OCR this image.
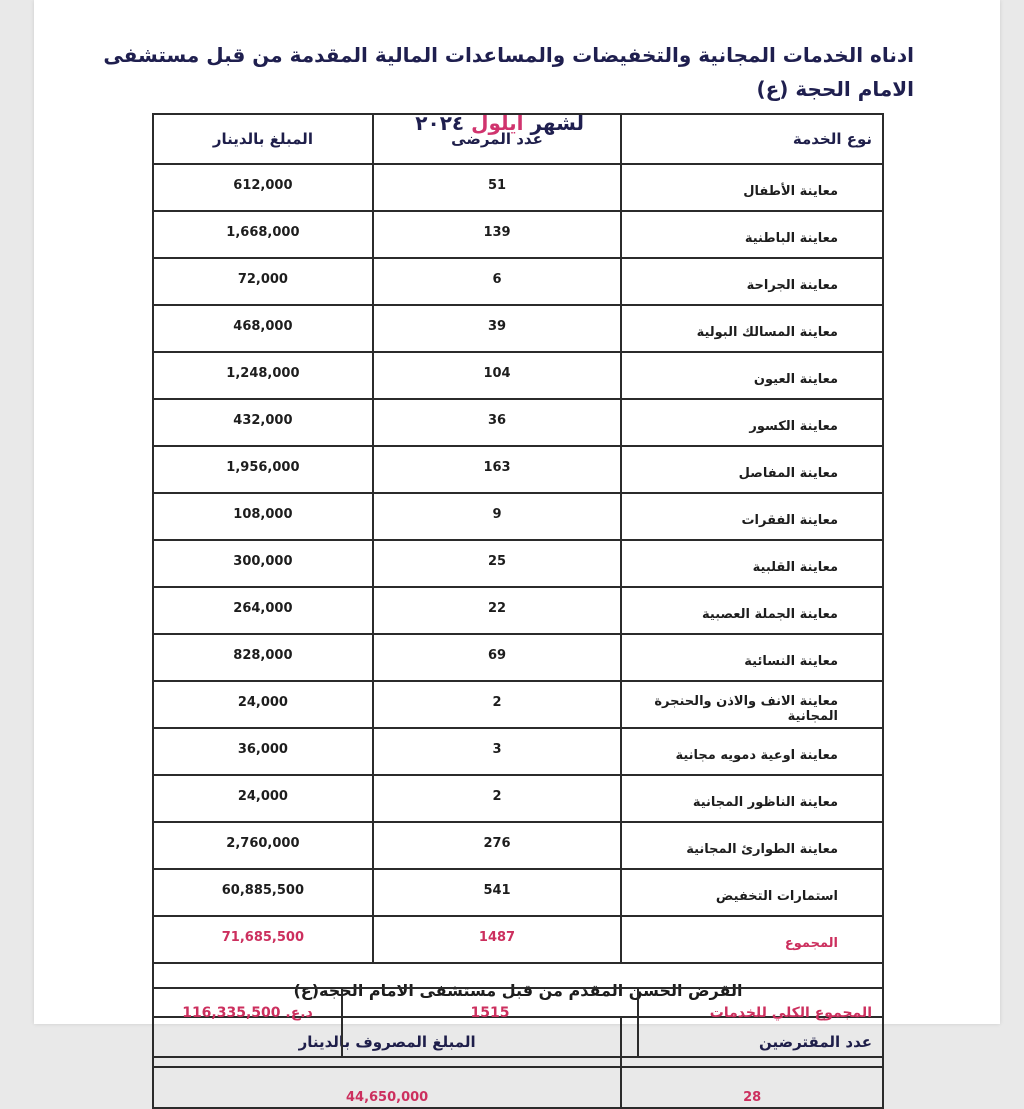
ادناه الخدمات المجانية والتخفيضات والمساعدات المالية المقدمة من قبل مستشفى الامام الحجة (ع)
لشهر ايلول ٢٠٢٤
نوع الخدمة	عدد المرضى	المبلغ بالدينار
معاينة الأطفال	51	612,000
معاينة الباطنية	139	1,668,000
معاينة الجراحة	6	72,000
معاينة المسالك البولية	39	468,000
معاينة العيون	104	1,248,000
معاينة الكسور	36	432,000
معاينة المفاصل	163	1,956,000
معاينة الفقرات	9	108,000
معاينة القلبية	25	300,000
معاينة الجملة العصبية	22	264,000
معاينة النسائية	69	828,000
معاينة الانف والاذن والحنجرة المجانية	2	24,000
معاينة اوعية دمويه مجانية	3	36,000
معاينة الناظور المجانية	2	24,000
معاينة الطوارئ المجانية	276	2,760,000
استمارات التخفيض	541	60,885,500
المجموع	1487	71,685,500
القرض الحسن المقدم من قبل مستشفى الامام الحجة(ع)		
عدد المقترضين	المبلغ المصروف بالدينار	
28	44,650,000	
المجموع الكلي للخدمات	1515	د.ع. 116,335,500
